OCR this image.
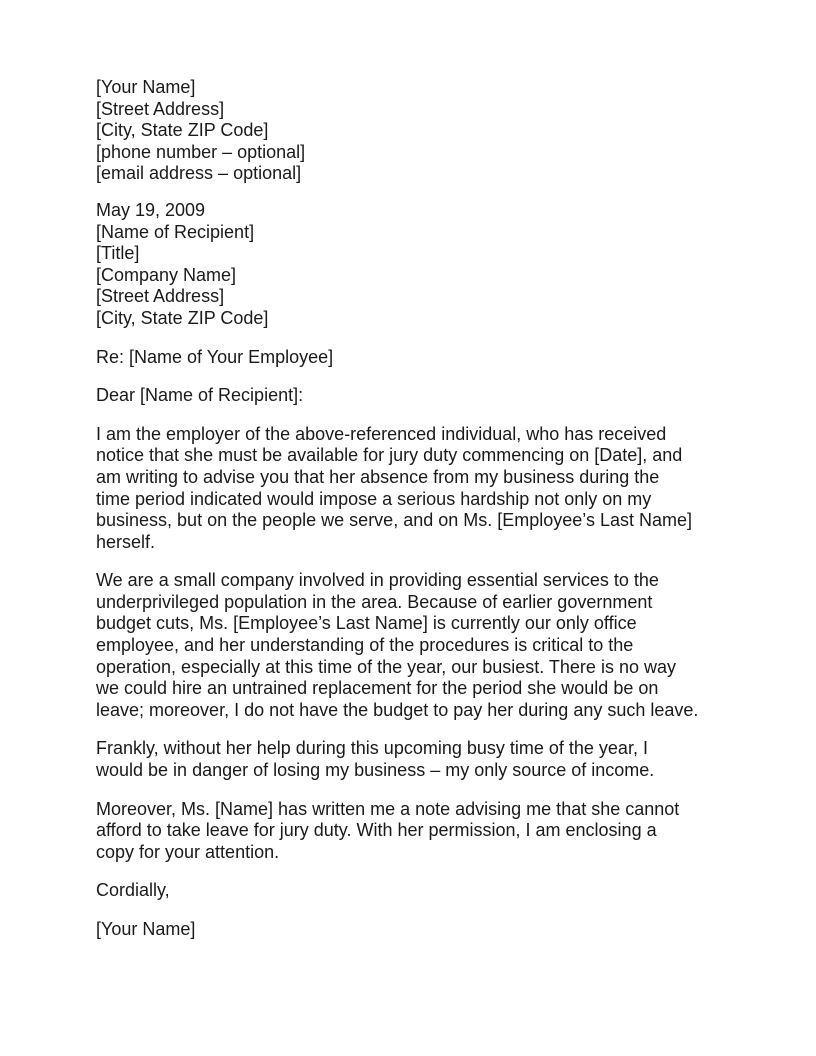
[Your Name]
[Street Address]
[City, State ZIP Code]
[phone number – optional]
[email address – optional]
May 19, 2009
[Name of Recipient]
[Title]
[Company Name]
[Street Address]
[City, State ZIP Code]
Re: [Name of Your Employee]
Dear [Name of Recipient]:
I am the employer of the above-referenced individual, who has received
notice that she must be available for jury duty commencing on [Date], and
am writing to advise you that her absence from my business during the
time period indicated would impose a serious hardship not only on my
business, but on the people we serve, and on Ms. [Employee’s Last Name]
herself.
We are a small company involved in providing essential services to the
underprivileged population in the area. Because of earlier government
budget cuts, Ms. [Employee’s Last Name] is currently our only office
employee, and her understanding of the procedures is critical to the
operation, especially at this time of the year, our busiest. There is no way
we could hire an untrained replacement for the period she would be on
leave; moreover, I do not have the budget to pay her during any such leave.
Frankly, without her help during this upcoming busy time of the year, I
would be in danger of losing my business – my only source of income.
Moreover, Ms. [Name] has written me a note advising me that she cannot
afford to take leave for jury duty. With her permission, I am enclosing a
copy for your attention.
Cordially,
[Your Name]
